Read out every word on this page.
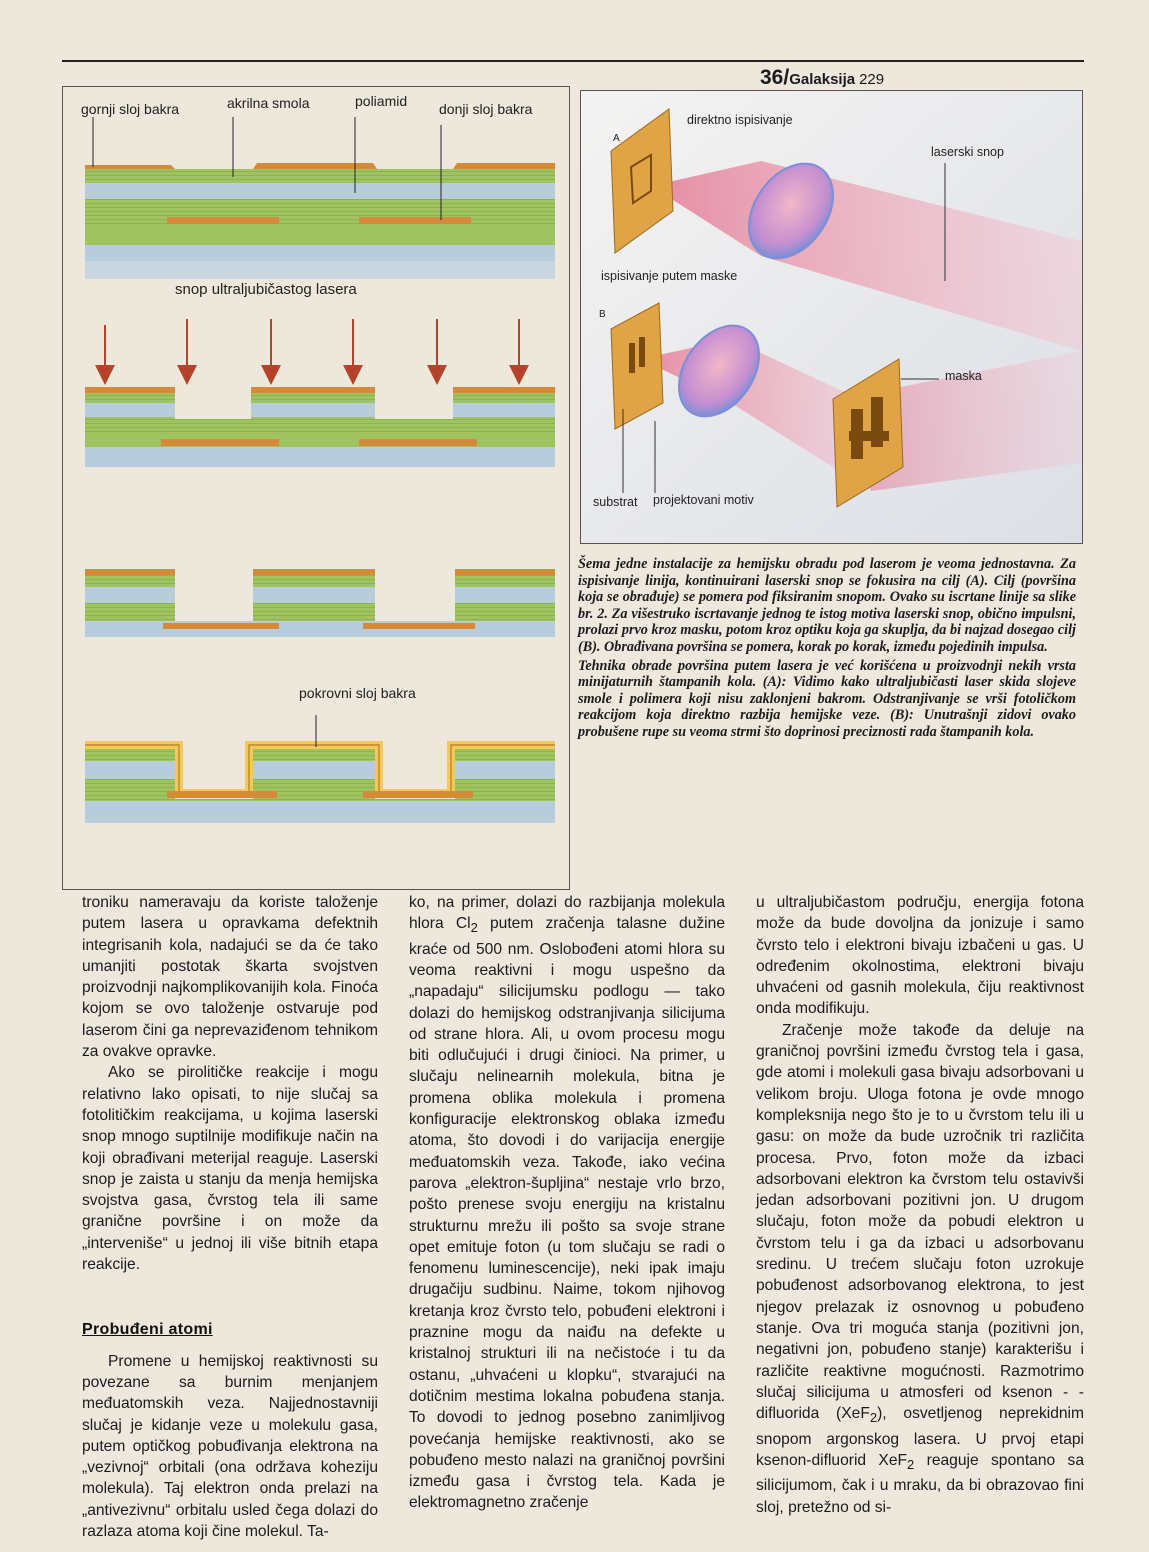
36/Galaksija 229
gornji sloj bakra	akrilna smola	poliamid donji sloj bakra
snop ultraljubičastog lasera
pokrovni sloj bakra
direktno ispisivanje
laserski snop
ispisivanje putem maske
maska
substrat projektovani motiv
A
B

Šema jedne instalacije za hemijsku obradu pod laserom je veoma jednostavna. Za ispisivanje linija, kontinuirani laserski snop se fokusira na cilj (A). Cilj (površina koja se obrađuje) se pomera pod fiksiranim snopom. Ovako su iscrtane linije sa slike br. 2. Za višestruko iscrtavanje jednog te istog motiva laserski snop, obično impulsni, prolazi prvo kroz masku, potom kroz optiku koja ga skuplja, da bi najzad dosegao cilj (B). Obrađivana površina se pomera, korak po korak, između pojedinih impulsa.

Tehnika obrade površina putem lasera je već korišćena u proizvodnji nekih vrsta minijaturnih štampanih kola. (A): Vidimo kako ultraljubičasti laser skida slojeve smole i polimera koji nisu zaklonjeni bakrom. Odstranjivanje se vrši fotoličkom reakcijom koja direktno razbija hemijske veze. (B): Unutrašnji zidovi ovako probušene rupe su veoma strmi što doprinosi preciznosti rada štampanih kola.

troniku nameravaju da koriste taloženje putem lasera u opravkama defektnih integrisanih kola, nadajući se da će tako umanjiti postotak škarta svojstven proizvodnji najkomplikovanijih kola. Finoća kojom se ovo taloženje ostvaruje pod laserom čini ga neprevaziđenom tehnikom za ovakve opravke.

Ako se pirolitičke reakcije i mogu relativno lako opisati, to nije slučaj sa fotolitičkim reakcijama, u kojima laserski snop mnogo suptilnije modifikuje način na koji obrađivani meterijal reaguje. Laserski snop je zaista u stanju da menja hemijska svojstva gasa, čvrstog tela ili same granične površine i on može da „interveniše“ u jednoj ili više bitnih etapa reakcije.

Probuđeni atomi

Promene u hemijskoj reaktivnosti su povezane sa burnim menjanjem međuatomskih veza. Najjednostavniji slučaj je kidanje veze u molekulu gasa, putem optičkog pobuđivanja elektrona na „vezivnoj“ orbitali (ona održava koheziju molekula). Taj elektron onda prelazi na „antivezivnu“ orbitalu usled čega dolazi do razlaza atoma koji čine molekul. Ta-

ko, na primer, dolazi do razbijanja molekula hlora $Cl_2$ putem zračenja talasne dužine kraće od 500 nm. Oslobođeni atomi hlora su veoma reaktivni i mogu uspešno da „napadaju“ silicijumsku podlogu — tako dolazi do hemijskog odstranjivanja silicijuma od strane hlora. Ali, u ovom procesu mogu biti odlučujući i drugi činioci. Na primer, u slučaju nelinearnih molekula, bitna je promena oblika molekula i promena konfiguracije elektronskog oblaka između atoma, što dovodi i do varijacija energije međuatomskih veza. Takođe, iako većina parova „elektron-šupljina“ nestaje vrlo brzo, pošto prenese svoju energiju na kristalnu strukturnu mrežu ili pošto sa svoje strane opet emituje foton (u tom slučaju se radi o fenomenu luminescencije), neki ipak imaju drugačiju sudbinu. Naime, tokom njihovog kretanja kroz čvrsto telo, pobuđeni elektroni i praznine mogu da naiđu na defekte u kristalnoj strukturi ili na nečistoće i tu da ostanu, „uhvaćeni u klopku“, stvarajući na dotičnim mestima lokalna pobuđena stanja. To dovodi to jednog posebno zanimljivog povećanja hemijske reaktivnosti, ako se pobuđeno mesto nalazi na graničnoj površini između gasa i čvrstog tela. Kada je elektromagnetno zračenje

u ultraljubičastom području, energija fotona može da bude dovoljna da jonizuje i samo čvrsto telo i elektroni bivaju izbačeni u gas. U određenim okolnostima, elektroni bivaju uhvaćeni od gasnih molekula, čiju reaktivnost onda modifikuju.

Zračenje može takođe da deluje na graničnoj površini između čvrstog tela i gasa, gde atomi i molekuli gasa bivaju adsorbovani u velikom broju. Uloga fotona je ovde mnogo kompleksnija nego što je to u čvrstom telu ili u gasu: on može da bude uzročnik tri različita procesa. Prvo, foton može da izbaci adsorbovani elektron ka čvrstom telu ostavivši jedan adsorbovani pozitivni jon. U drugom slučaju, foton može da pobudi elektron u čvrstom telu i ga da izbaci u adsorbovanu sredinu. U trećem slučaju foton uzrokuje pobuđenost adsorbovanog elektrona, to jest njegov prelazak iz osnovnog u pobuđeno stanje. Ova tri moguća stanja (pozitivni jon, negativni jon, pobuđeno stanje) karakterišu i različite reaktivne mogućnosti. Razmotrimo slučaj silicijuma u atmosferi od ksenon - -difluorida (XeF$_2$), osvetljenog neprekidnim snopom argonskog lasera. U prvoj etapi ksenon-difluorid XeF$_2$ reaguje spontano sa silicijumom, čak i u mraku, da bi obrazovao fini sloj, pretežno od si-
